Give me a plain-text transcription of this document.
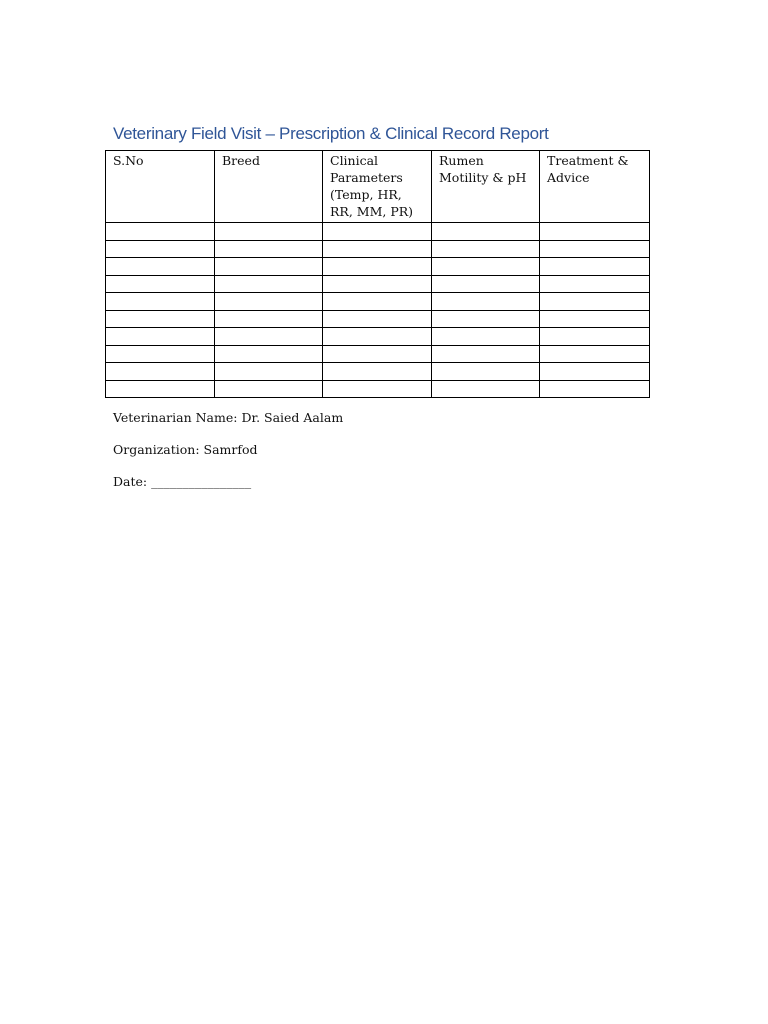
Veterinary Field Visit – Prescription & Clinical Record Report
S.No	Breed	Clinical Parameters (Temp, HR, RR, MM, PR)	Rumen Motility & pH	Treatment & Advice

Veterinarian Name: Dr. Saied Aalam
Organization: Samrfod
Date: ________________
